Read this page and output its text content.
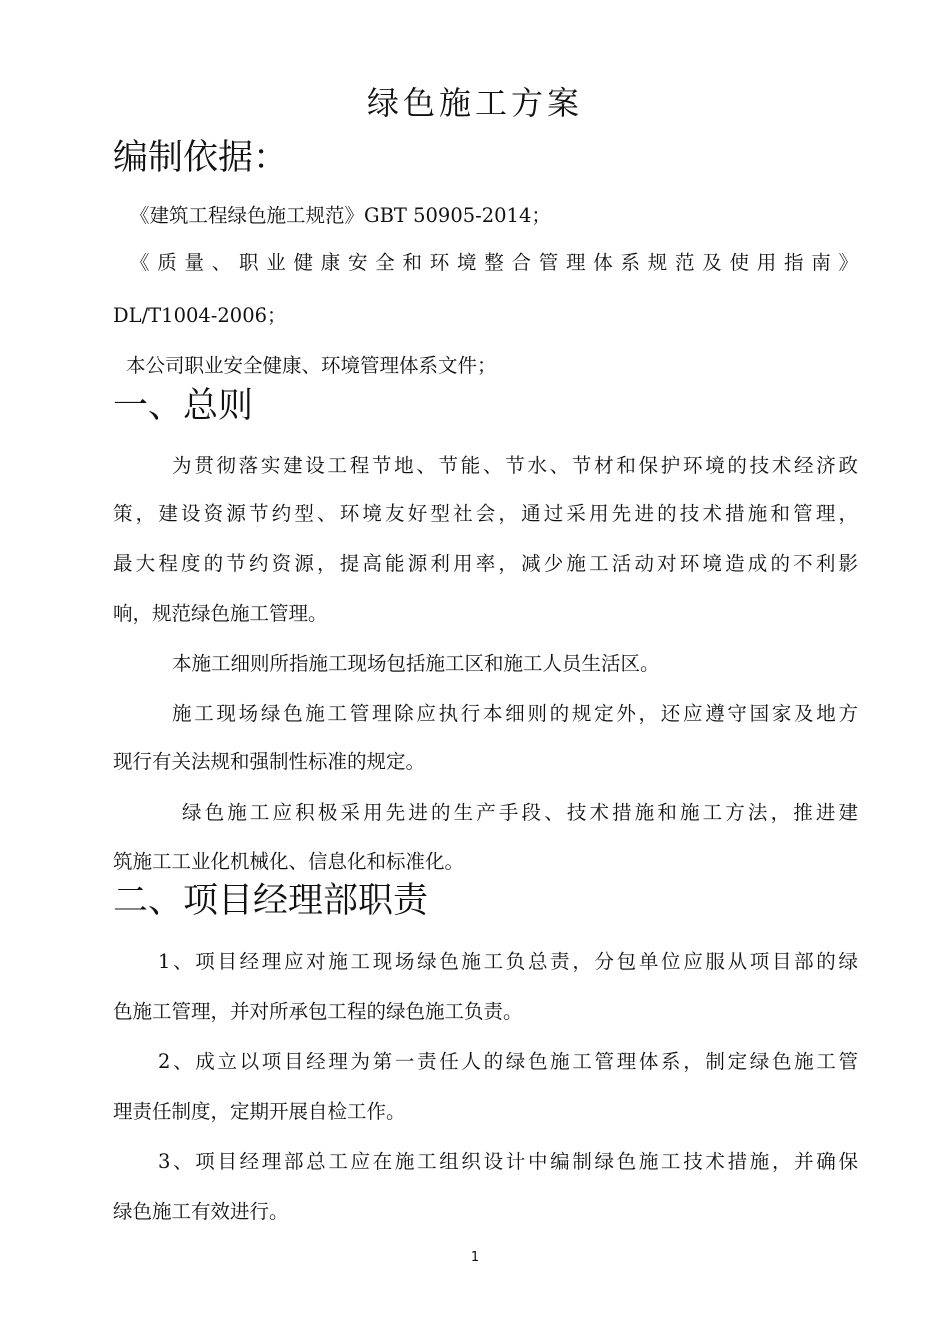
绿色施工方案
编制依据：
《建筑工程绿色施工规范》GBT 50905-2014；
《质量、职业健康安全和环境整合管理体系规范及使用指南》
DL/T1004-2006；
本公司职业安全健康、环境管理体系文件；
一、总则
为贯彻落实建设工程节地、节能、节水、节材和保护环境的技术经济政
策，建设资源节约型、环境友好型社会，通过采用先进的技术措施和管理，
最大程度的节约资源，提高能源利用率，减少施工活动对环境造成的不利影
响，规范绿色施工管理。
本施工细则所指施工现场包括施工区和施工人员生活区。
施工现场绿色施工管理除应执行本细则的规定外，还应遵守国家及地方
现行有关法规和强制性标准的规定。
绿色施工应积极采用先进的生产手段、技术措施和施工方法，推进建
筑施工工业化机械化、信息化和标准化。
二、项目经理部职责
1、项目经理应对施工现场绿色施工负总责，分包单位应服从项目部的绿
色施工管理，并对所承包工程的绿色施工负责。
2、成立以项目经理为第一责任人的绿色施工管理体系，制定绿色施工管
理责任制度，定期开展自检工作。
3、项目经理部总工应在施工组织设计中编制绿色施工技术措施，并确保
绿色施工有效进行。
1
